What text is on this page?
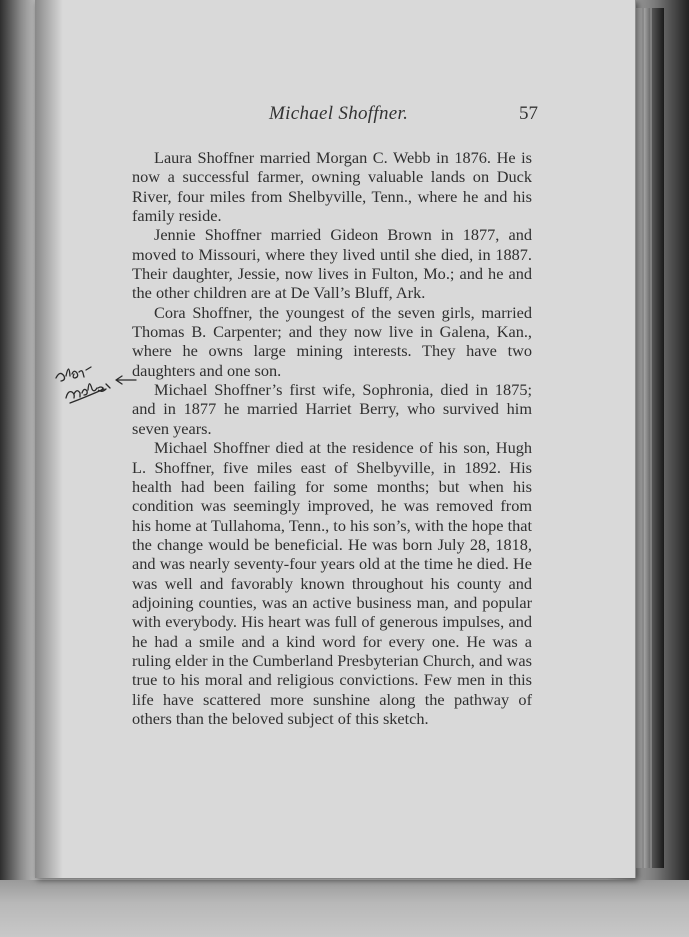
Michael Shoffner.	57

Laura Shoffner married Morgan C. Webb in 1876. He is now a successful farmer, owning valuable lands on Duck River, four miles from Shelbyville, Tenn., where he and his family reside.

Jennie Shoffner married Gideon Brown in 1877, and moved to Missouri, where they lived until she died, in 1887. Their daughter, Jessie, now lives in Fulton, Mo.; and he and the other children are at De Vall’s Bluff, Ark.

Cora Shoffner, the youngest of the seven girls, married Thomas B. Carpenter; and they now live in Galena, Kan., where he owns large mining interests. They have two daughters and one son.

Michael Shoffner’s first wife, Sophronia, died in 1875; and in 1877 he married Harriet Berry, who survived him seven years.

Michael Shoffner died at the residence of his son, Hugh L. Shoffner, five miles east of Shelbyville, in 1892. His health had been failing for some months; but when his condition was seemingly improved, he was removed from his home at Tullahoma, Tenn., to his son’s, with the hope that the change would be beneficial. He was born July 28, 1818, and was nearly seventy-four years old at the time he died. He was well and favorably known throughout his county and adjoining counties, was an active business man, and popular with everybody. His heart was full of generous impulses, and he had a smile and a kind word for every one. He was a ruling elder in the Cumberland Presbyterian Church, and was true to his moral and religious convictions. Few men in this life have scattered more sunshine along the pathway of others than the beloved subject of this sketch.
